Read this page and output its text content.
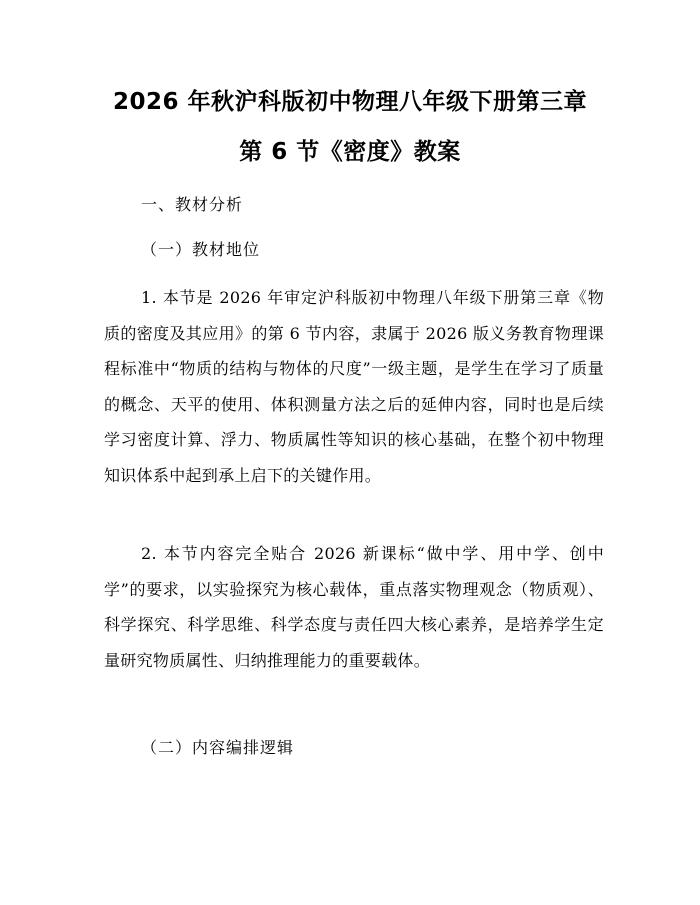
2026 年秋沪科版初中物理八年级下册第三章
第 6 节《密度》教案
一、教材分析
（一）教材地位
1. 本节是 2026 年审定沪科版初中物理八年级下册第三章《物质的密度及其应用》的第 6 节内容，隶属于 2026 版义务教育物理课程标准中“物质的结构与物体的尺度”一级主题，是学生在学习了质量的概念、天平的使用、体积测量方法之后的延伸内容，同时也是后续学习密度计算、浮力、物质属性等知识的核心基础，在整个初中物理知识体系中起到承上启下的关键作用。
2. 本节内容完全贴合 2026 新课标“做中学、用中学、创中学”的要求，以实验探究为核心载体，重点落实物理观念（物质观）、科学探究、科学思维、科学态度与责任四大核心素养，是培养学生定量研究物质属性、归纳推理能力的重要载体。
（二）内容编排逻辑
